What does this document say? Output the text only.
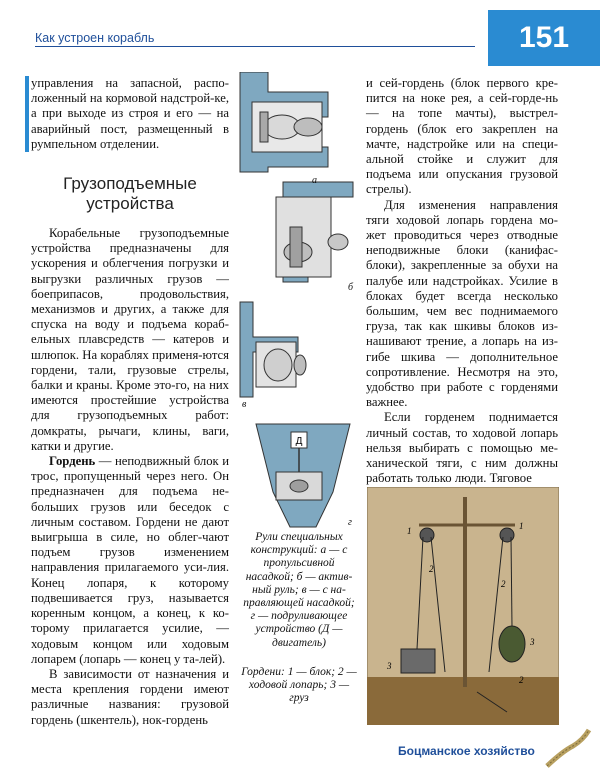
Как устроен корабль	151

управления на запасной, распо-ложенный на кормовой надстрой-ке, а при выходе из строя и его — на аварийный пост, размещенный в румпельном отделении.

Грузоподъемные устройства

Корабельные грузоподъемные устройства предназначены для ускорения и облегчения погрузки и выгрузки различных грузов — боеприпасов, продовольствия, механизмов и других, а также для спуска на воду и подъема кораб-ельных плавсредств — катеров и шлюпок. На кораблях применя-ются гордени, тали, грузовые стрелы, балки и краны. Кроме это-го, на них имеются простейшие устройства для грузоподъемных работ: домкраты, рычаги, клины, ваги, катки и другие.

Гордень — неподвижный блок и трос, пропущенный через него. Он предназначен для подъема не-больших грузов или беседок с личным составом. Гордени не дают выигрыша в силе, но облег-чают подъем грузов изменением направления прилагаемого уси-лия. Конец лопаря, к которому подвешивается груз, называется коренным концом, а конец, к ко-торому прилагается усилие, — ходовым концом или ходовым лопарем (лопарь — конец у та-лей).

В зависимости от назначения и места крепления гордени имеют различные названия: грузовой гордень (шкентель), нок-гордень

Д
а
б
в
г
Рули специальных конструкций: а — с пропульсивной насадкой; б — актив-ный руль; в — с на-правляющей насадкой; г — подруливающее устройство (Д — двигатель)
Гордени: 1 — блок; 2 — ходовой лопарь; 3 — груз

и сей-гордень (блок первого кре-пится на ноке рея, а сей-горде-нь — на топе мачты), выстрел-гордень (блок его закреплен на мачте, надстройке или на специ-альной стойке и служит для подъема или опускания грузовой стрелы).

Для изменения направления тяги ходовой лопарь гордена мо-жет проводиться через отводные неподвижные блоки (канифас-блоки), закрепленные за обухи на палубе или надстройках. Усилие в блоках будет всегда несколько большим, чем вес поднимаемого груза, так как шкивы блоков из-нашивают трение, а лопарь на из-гибе шкива — дополнительное сопротивление. Несмотря на это, удобство при работе с горденями важнее.

Если горденем поднимается личный состав, то ходовой лопарь нельзя выбирать с помощью ме-ханической тяги, с ним должны работать только люди. Тяговое

1
2
1
2
3
2
3
Боцманское хозяйство
